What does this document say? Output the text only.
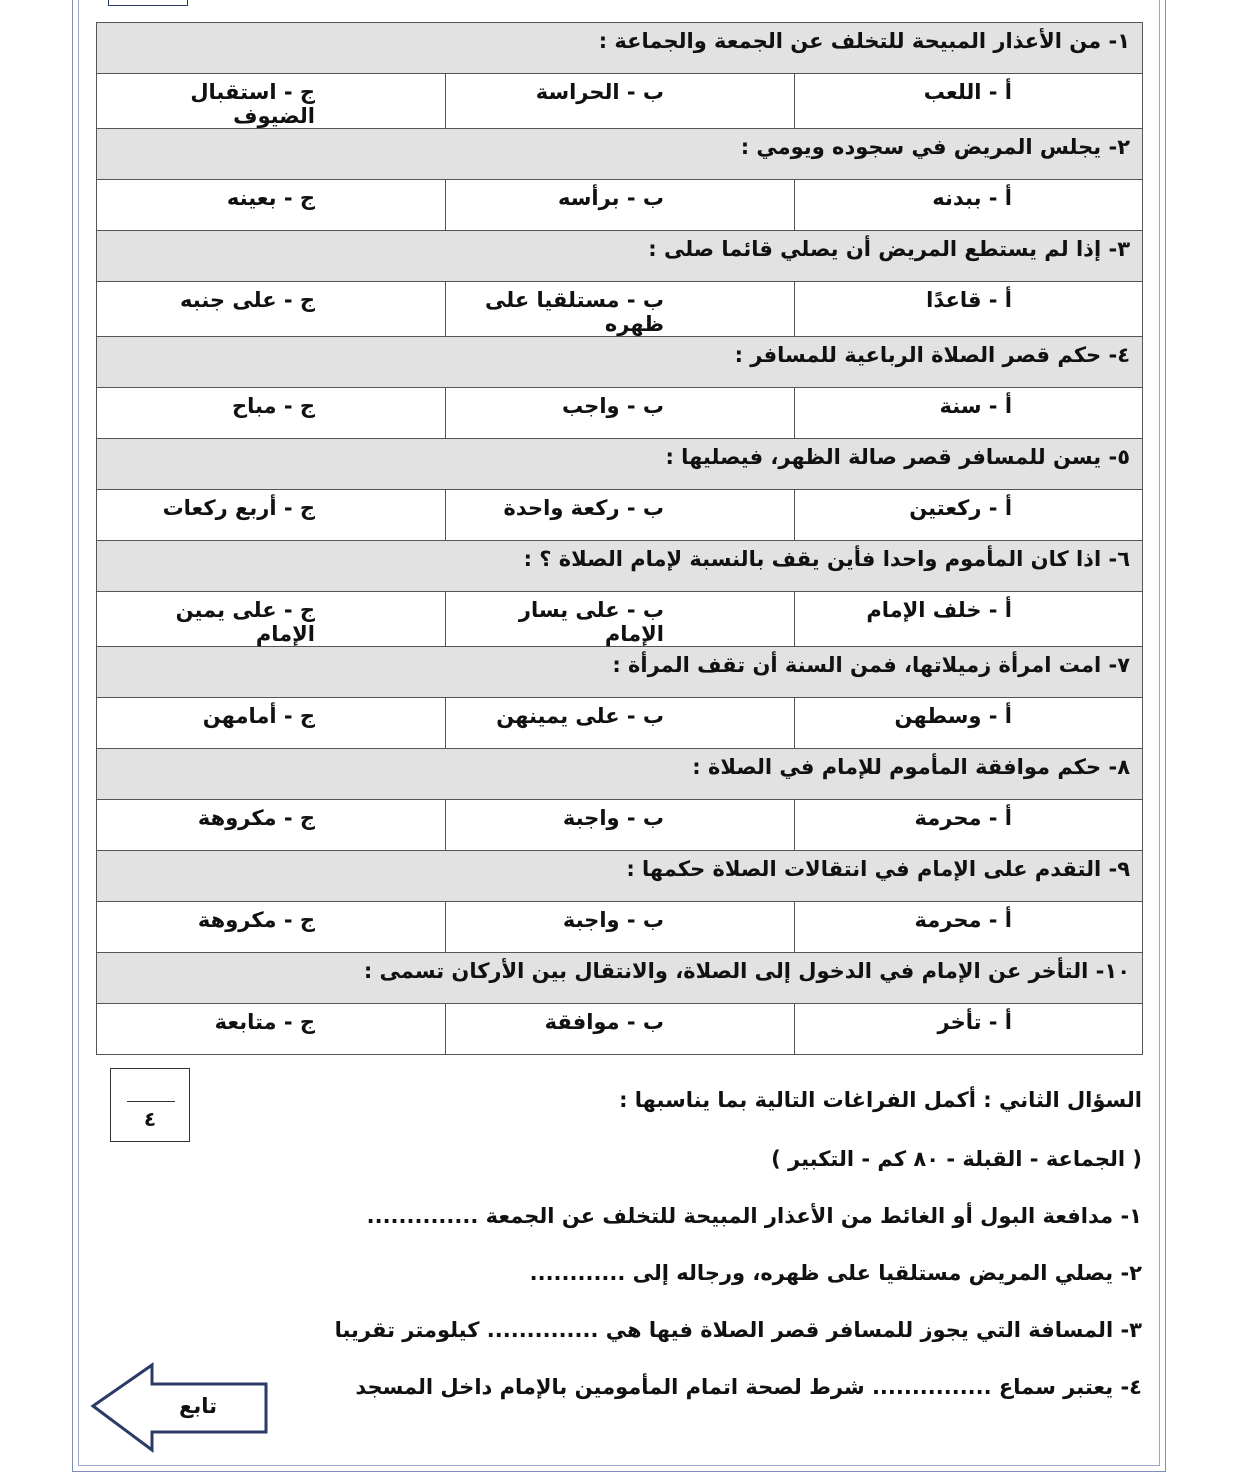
١- من الأعذار المبيحة للتخلف عن الجمعة والجماعة :		
أ - اللعب	ب - الحراسة	ج - استقبال الضيوف
٢- يجلس المريض في سجوده ويومي :		
أ - ببدنه	ب - برأسه	ج - بعينه
٣- إذا لم يستطع المريض أن يصلي قائما صلى :		
أ - قاعدًا	ب - مستلقيا على ظهره	ج - على جنبه
٤- حكم قصر الصلاة الرباعية للمسافر :		
أ - سنة	ب - واجب	ج - مباح
٥- يسن للمسافر قصر صالة الظهر، فيصليها :		
أ - ركعتين	ب - ركعة واحدة	ج - أربع ركعات
٦- اذا كان المأموم واحدا فأين يقف بالنسبة لإمام الصلاة ؟ :		
أ - خلف الإمام	ب - على يسار الإمام	ج - على يمين الإمام
٧- امت امرأة زميلاتها، فمن السنة أن تقف المرأة :		
أ - وسطهن	ب - على يمينهن	ج - أمامهن
٨- حكم موافقة المأموم للإمام في الصلاة :		
أ - محرمة	ب - واجبة	ج - مكروهة
٩- التقدم على الإمام في انتقالات الصلاة حكمها :		
أ - محرمة	ب - واجبة	ج - مكروهة
١٠- التأخر عن الإمام في الدخول إلى الصلاة، والانتقال بين الأركان تسمى :		
أ - تأخر	ب - موافقة	ج - متابعة
٤
السؤال الثاني : أكمل الفراغات التالية بما يناسبها :
( الجماعة - القبلة - ٨٠ كم - التكبير )
١- مدافعة البول أو الغائط من الأعذار المبيحة للتخلف عن الجمعة ..............
٢- يصلي المريض مستلقيا على ظهره، ورجاله إلى ............
٣- المسافة التي يجوز للمسافر قصر الصلاة فيها هي .............. كيلومتر تقريبا
٤- يعتبر سماع ............... شرط لصحة اتمام المأمومين بالإمام داخل المسجد
تابع
